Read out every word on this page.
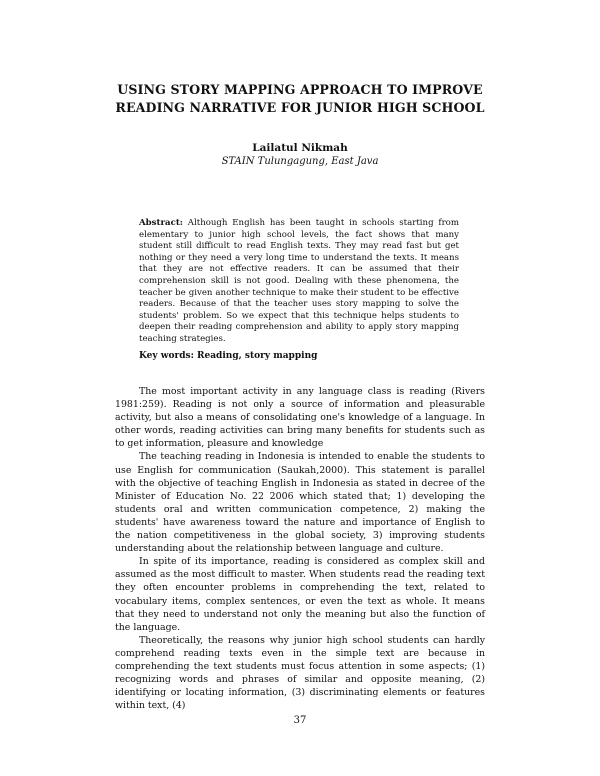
USING STORY MAPPING APPROACH TO IMPROVE
READING NARRATIVE FOR JUNIOR HIGH SCHOOL
Lailatul Nikmah
STAIN Tulungagung, East Java
Abstract: Although English has been taught in schools starting from elementary to junior high school levels, the fact shows that many student still difficult to read English texts. They may read fast but get nothing or they need a very long time to understand the texts. It means that they are not effective readers. It can be assumed that their comprehension skill is not good. Dealing with these phenomena, the teacher be given another technique to make their student to be effective readers. Because of that the teacher uses story mapping to solve the students' problem. So we expect that this technique helps students to deepen their reading comprehension and ability to apply story mapping teaching strategies.
Key words: Reading, story mapping

The most important activity in any language class is reading (Rivers 1981:259). Reading is not only a source of information and pleasurable activity, but also a means of consolidating one's knowledge of a language. In other words, reading activities can bring many benefits for students such as to get information, pleasure and knowledge

The teaching reading in Indonesia is intended to enable the students to use English for communication (Saukah,2000). This statement is parallel with the objective of teaching English in Indonesia as stated in decree of the Minister of Education No. 22 2006 which stated that; 1) developing the students oral and written communication competence, 2) making the students' have awareness toward the nature and importance of English to the nation competitiveness in the global society, 3) improving students understanding about the relationship between language and culture.

In spite of its importance, reading is considered as complex skill and assumed as the most difficult to master. When students read the reading text they often encounter problems in comprehending the text, related to vocabulary items, complex sentences, or even the text as whole. It means that they need to understand not only the meaning but also the function of the language.

Theoretically, the reasons why junior high school students can hardly comprehend reading texts even in the simple text are because in comprehending the text students must focus attention in some aspects; (1) recognizing words and phrases of similar and opposite meaning, (2) identifying or locating information, (3) discriminating elements or features within text, (4)

37
